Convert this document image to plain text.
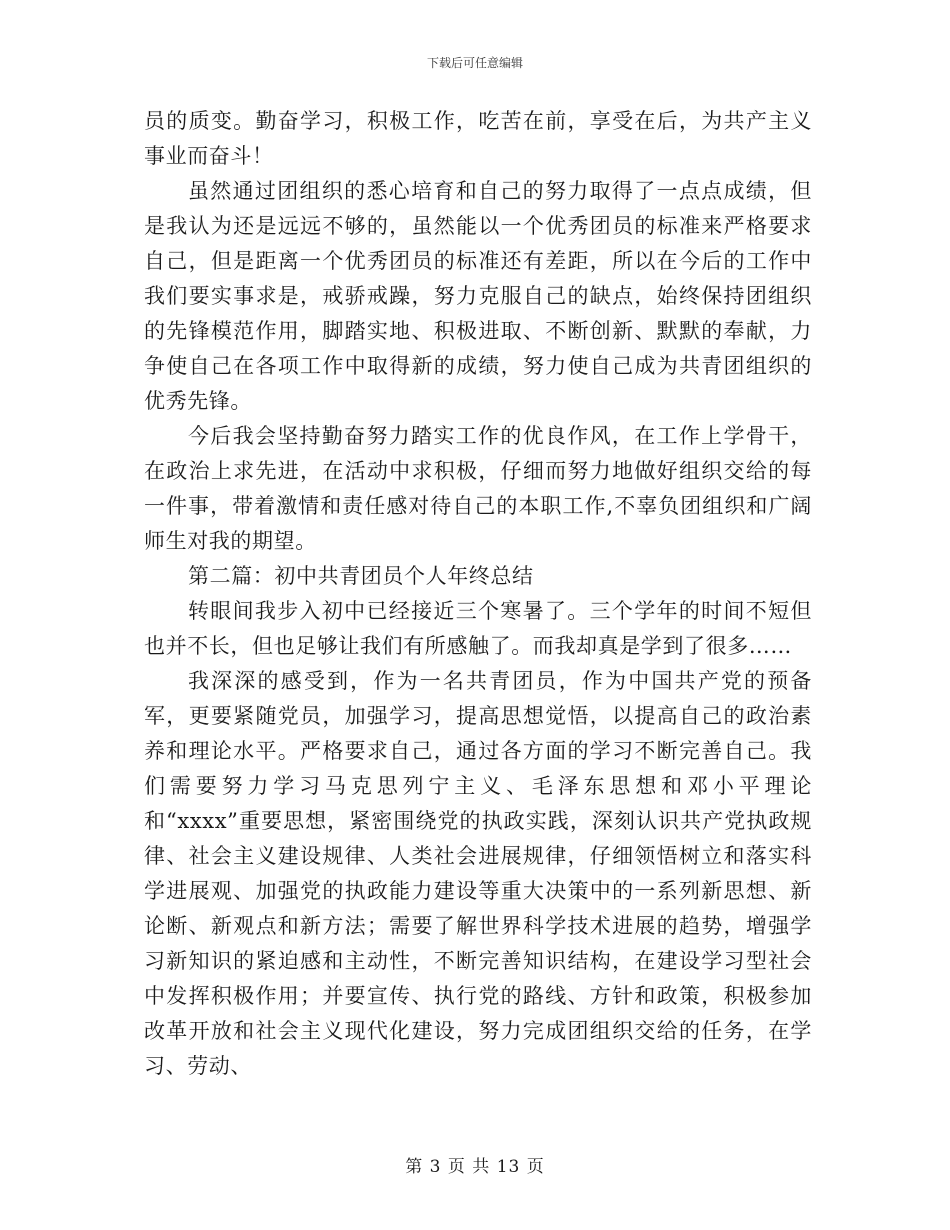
下载后可任意编辑

员的质变。勤奋学习，积极工作，吃苦在前，享受在后，为共产主义事业而奋斗！

虽然通过团组织的悉心培育和自己的努力取得了一点点成绩，但是我认为还是远远不够的，虽然能以一个优秀团员的标准来严格要求自己，但是距离一个优秀团员的标准还有差距，所以在今后的工作中我们要实事求是，戒骄戒躁，努力克服自己的缺点，始终保持团组织的先锋模范作用，脚踏实地、积极进取、不断创新、默默的奉献，力争使自己在各项工作中取得新的成绩，努力使自己成为共青团组织的优秀先锋。

今后我会坚持勤奋努力踏实工作的优良作风，在工作上学骨干，在政治上求先进，在活动中求积极，仔细而努力地做好组织交给的每一件事，带着激情和责任感对待自己的本职工作,不辜负团组织和广阔师生对我的期望。

第二篇：初中共青团员个人年终总结

转眼间我步入初中已经接近三个寒暑了。三个学年的时间不短但也并不长，但也足够让我们有所感触了。而我却真是学到了很多……

我深深的感受到，作为一名共青团员，作为中国共产党的预备军，更要紧随党员，加强学习，提高思想觉悟，以提高自己的政治素养和理论水平。严格要求自己，通过各方面的学习不断完善自己。我们需要努力学习马克思列宁主义、毛泽东思想和邓小平理论和“xxxx”重要思想，紧密围绕党的执政实践，深刻认识共产党执政规律、社会主义建设规律、人类社会进展规律，仔细领悟树立和落实科学进展观、加强党的执政能力建设等重大决策中的一系列新思想、新论断、新观点和新方法；需要了解世界科学技术进展的趋势，增强学习新知识的紧迫感和主动性，不断完善知识结构，在建设学习型社会中发挥积极作用；并要宣传、执行党的路线、方针和政策，积极参加改革开放和社会主义现代化建设，努力完成团组织交给的任务，在学习、劳动、

第 3 页 共 13 页
